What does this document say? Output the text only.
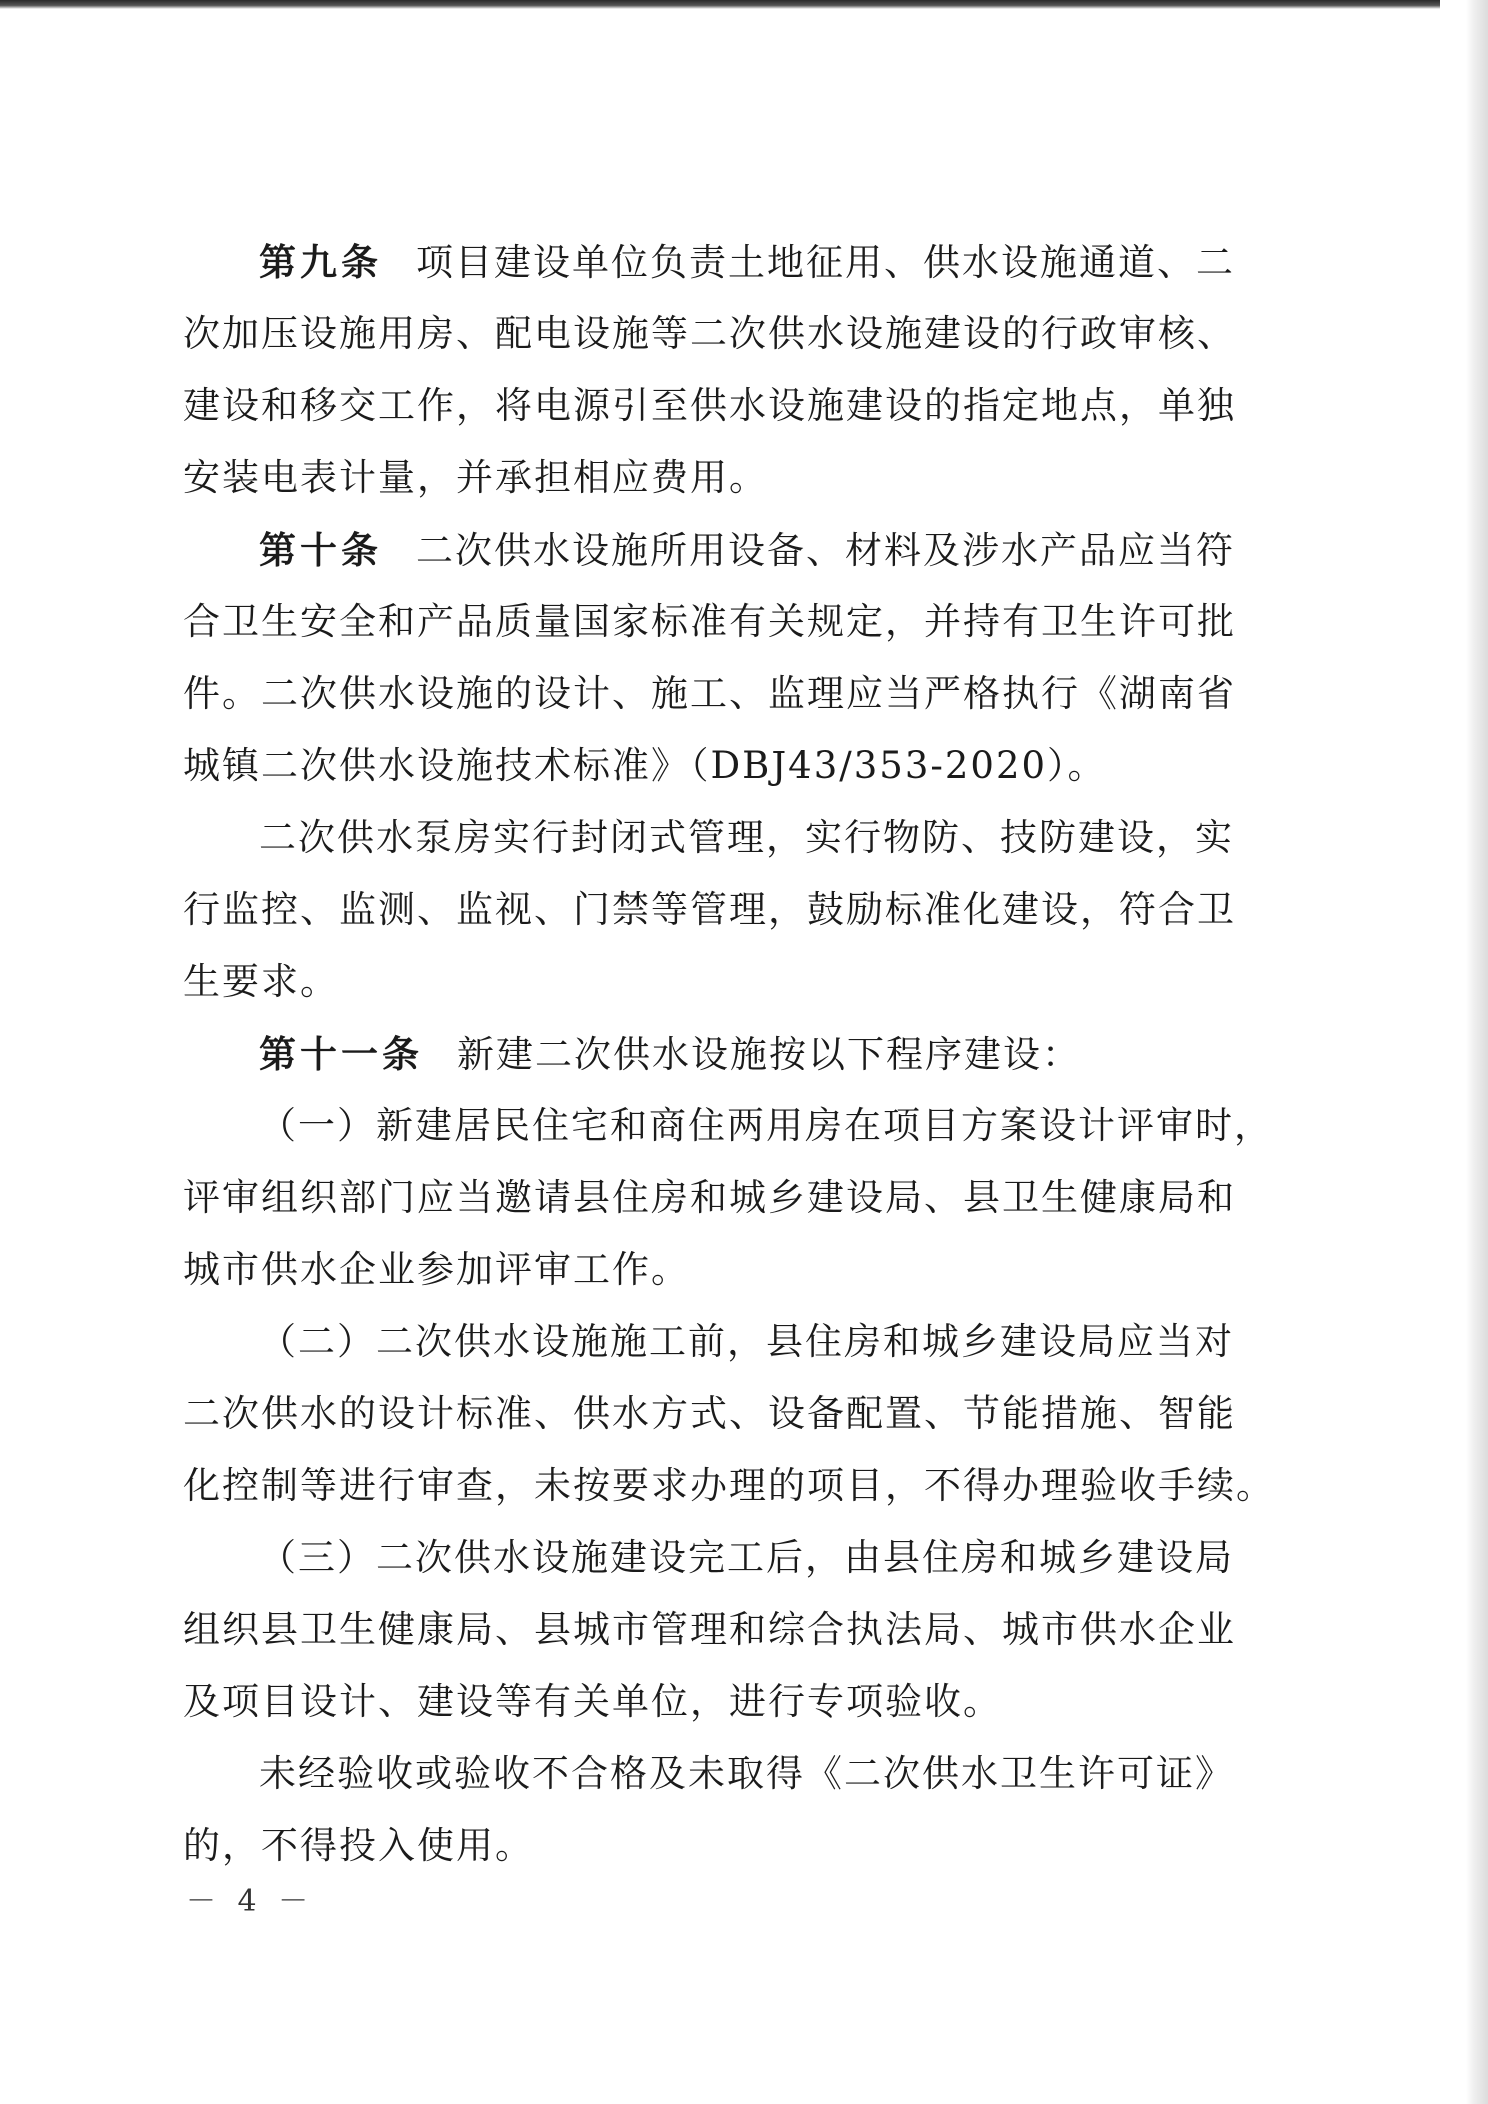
第九条 项目建设单位负责土地征用、供水设施通道、二
次加压设施用房、配电设施等二次供水设施建设的行政审核、
建设和移交工作，将电源引至供水设施建设的指定地点，单独
安装电表计量，并承担相应费用。
第十条 二次供水设施所用设备、材料及涉水产品应当符
合卫生安全和产品质量国家标准有关规定，并持有卫生许可批
件。二次供水设施的设计、施工、监理应当严格执行《湖南省
城镇二次供水设施技术标准》（DBJ43/353-2020）。
二次供水泵房实行封闭式管理，实行物防、技防建设，实
行监控、监测、监视、门禁等管理，鼓励标准化建设，符合卫
生要求。
第十一条 新建二次供水设施按以下程序建设：
（一）新建居民住宅和商住两用房在项目方案设计评审时，
评审组织部门应当邀请县住房和城乡建设局、县卫生健康局和
城市供水企业参加评审工作。
（二）二次供水设施施工前，县住房和城乡建设局应当对
二次供水的设计标准、供水方式、设备配置、节能措施、智能
化控制等进行审查，未按要求办理的项目，不得办理验收手续。
（三）二次供水设施建设完工后，由县住房和城乡建设局
组织县卫生健康局、县城市管理和综合执法局、城市供水企业
及项目设计、建设等有关单位，进行专项验收。
未经验收或验收不合格及未取得《二次供水卫生许可证》
的，不得投入使用。
－ 4 －
